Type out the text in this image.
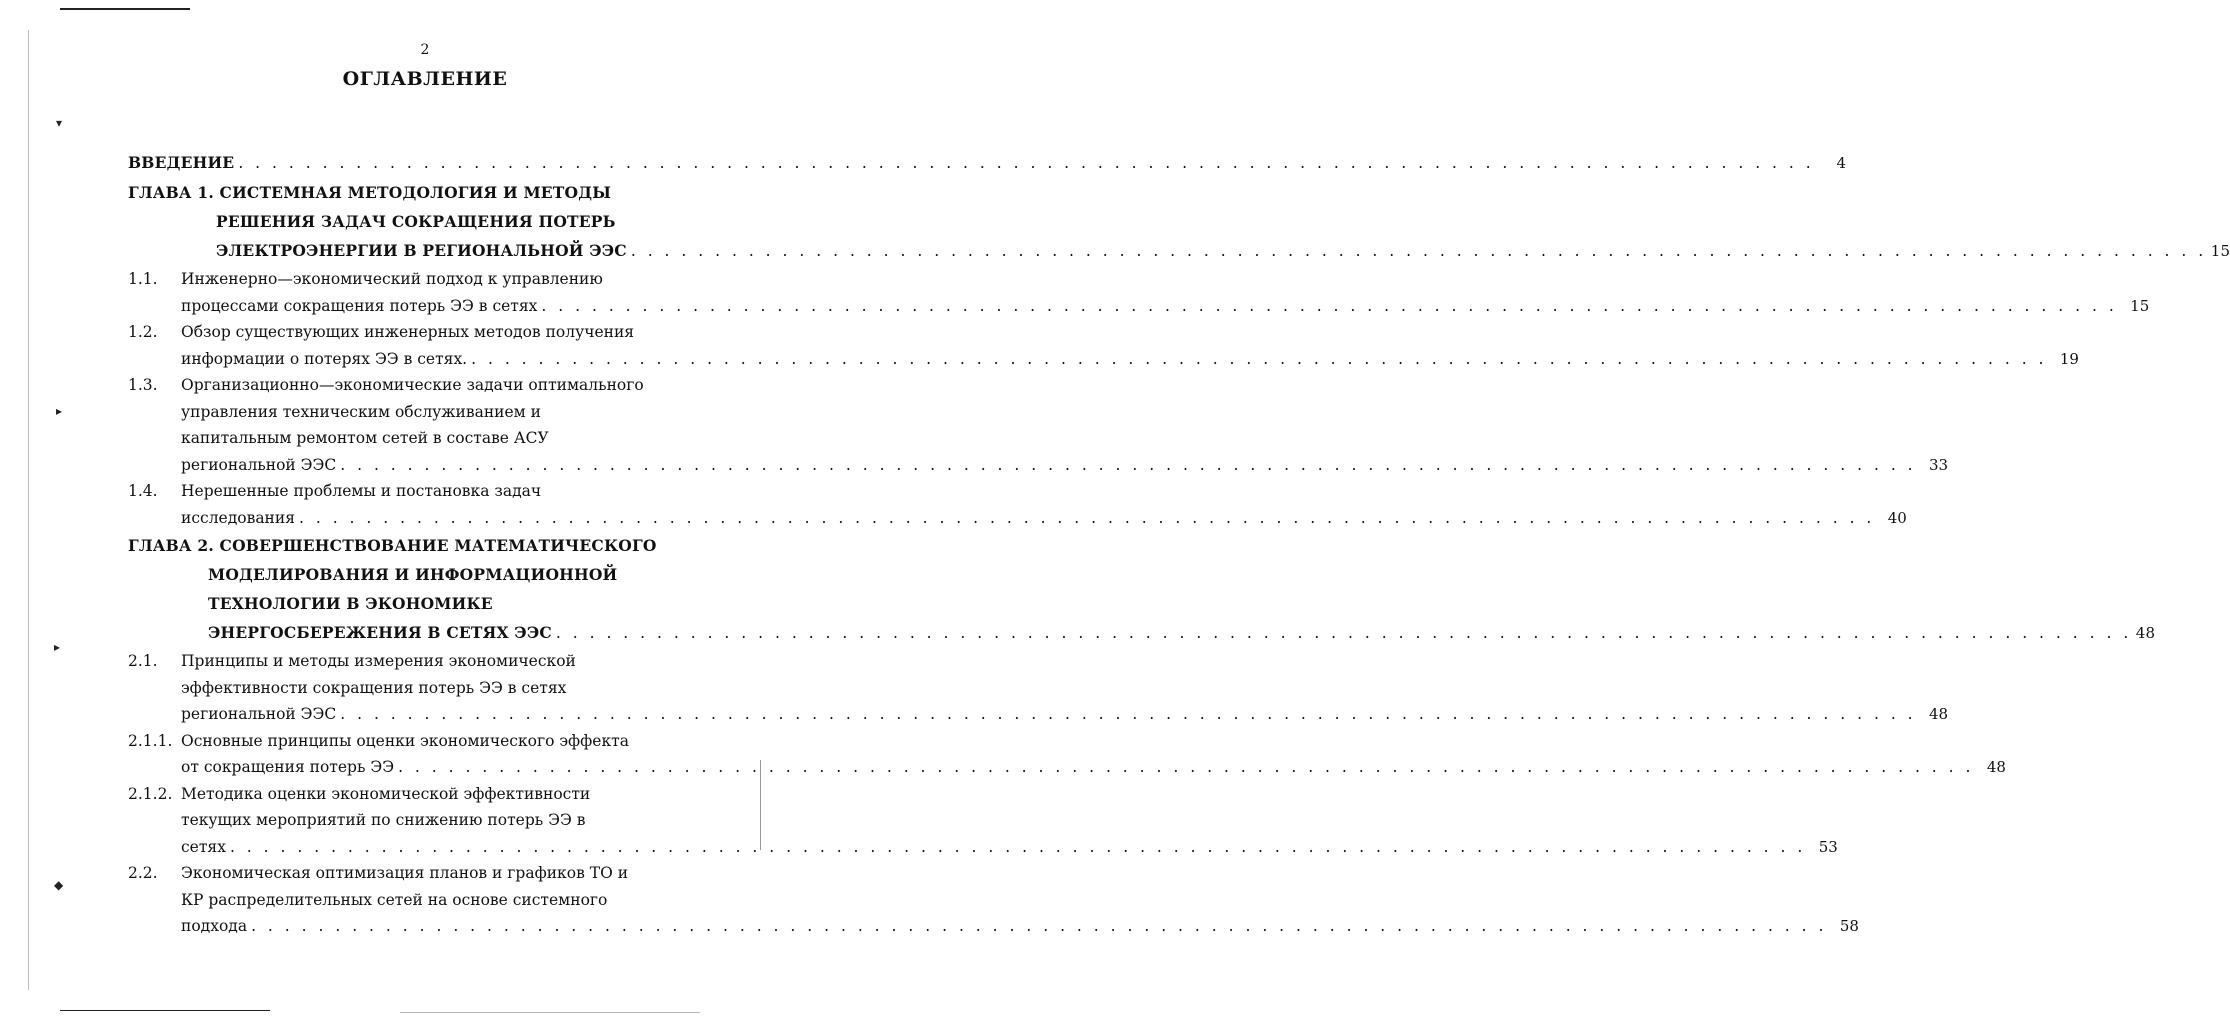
2
ОГЛАВЛЕНИЕ
ВВЕДЕНИЕ . . .	4
ГЛАВА 1. СИСТЕМНАЯ МЕТОДОЛОГИЯ И МЕТОДЫ
РЕШЕНИЯ ЗАДАЧ СОКРАЩЕНИЯ ПОТЕРЬ
ЭЛЕКТРОЭНЕРГИИ В РЕГИОНАЛЬНОЙ ЭЭС . . .	15
1.1. Инженерно—экономический подход к управлению
процессами сокращения потерь ЭЭ в сетях . . .	15
1.2. Обзор существующих инженерных методов получения
информации о потерях ЭЭ в сетях. . . .	19
1.3. Организационно—экономические задачи оптимального
управления техническим обслуживанием и
капитальным ремонтом сетей в составе АСУ
региональной ЭЭС . . .	33
1.4. Нерешенные проблемы и постановка задач
исследования . . .	40
ГЛАВА 2. СОВЕРШЕНСТВОВАНИЕ МАТЕМАТИЧЕСКОГО
МОДЕЛИРОВАНИЯ И ИНФОРМАЦИОННОЙ
ТЕХНОЛОГИИ В ЭКОНОМИКЕ
ЭНЕРГОСБЕРЕЖЕНИЯ В СЕТЯХ ЭЭС . . .	48
2.1. Принципы и методы измерения экономической
эффективности сокращения потерь ЭЭ в сетях
региональной ЭЭС . . .	48
2.1.1. Основные принципы оценки экономического эффекта
от сокращения потерь ЭЭ . . .	48
2.1.2. Методика оценки экономической эффективности
текущих мероприятий по снижению потерь ЭЭ в
сетях . . .	53
2.2. Экономическая оптимизация планов и графиков ТО и
КР распределительных сетей на основе системного
подхода . . .	58
▾
▸
▸
◆
